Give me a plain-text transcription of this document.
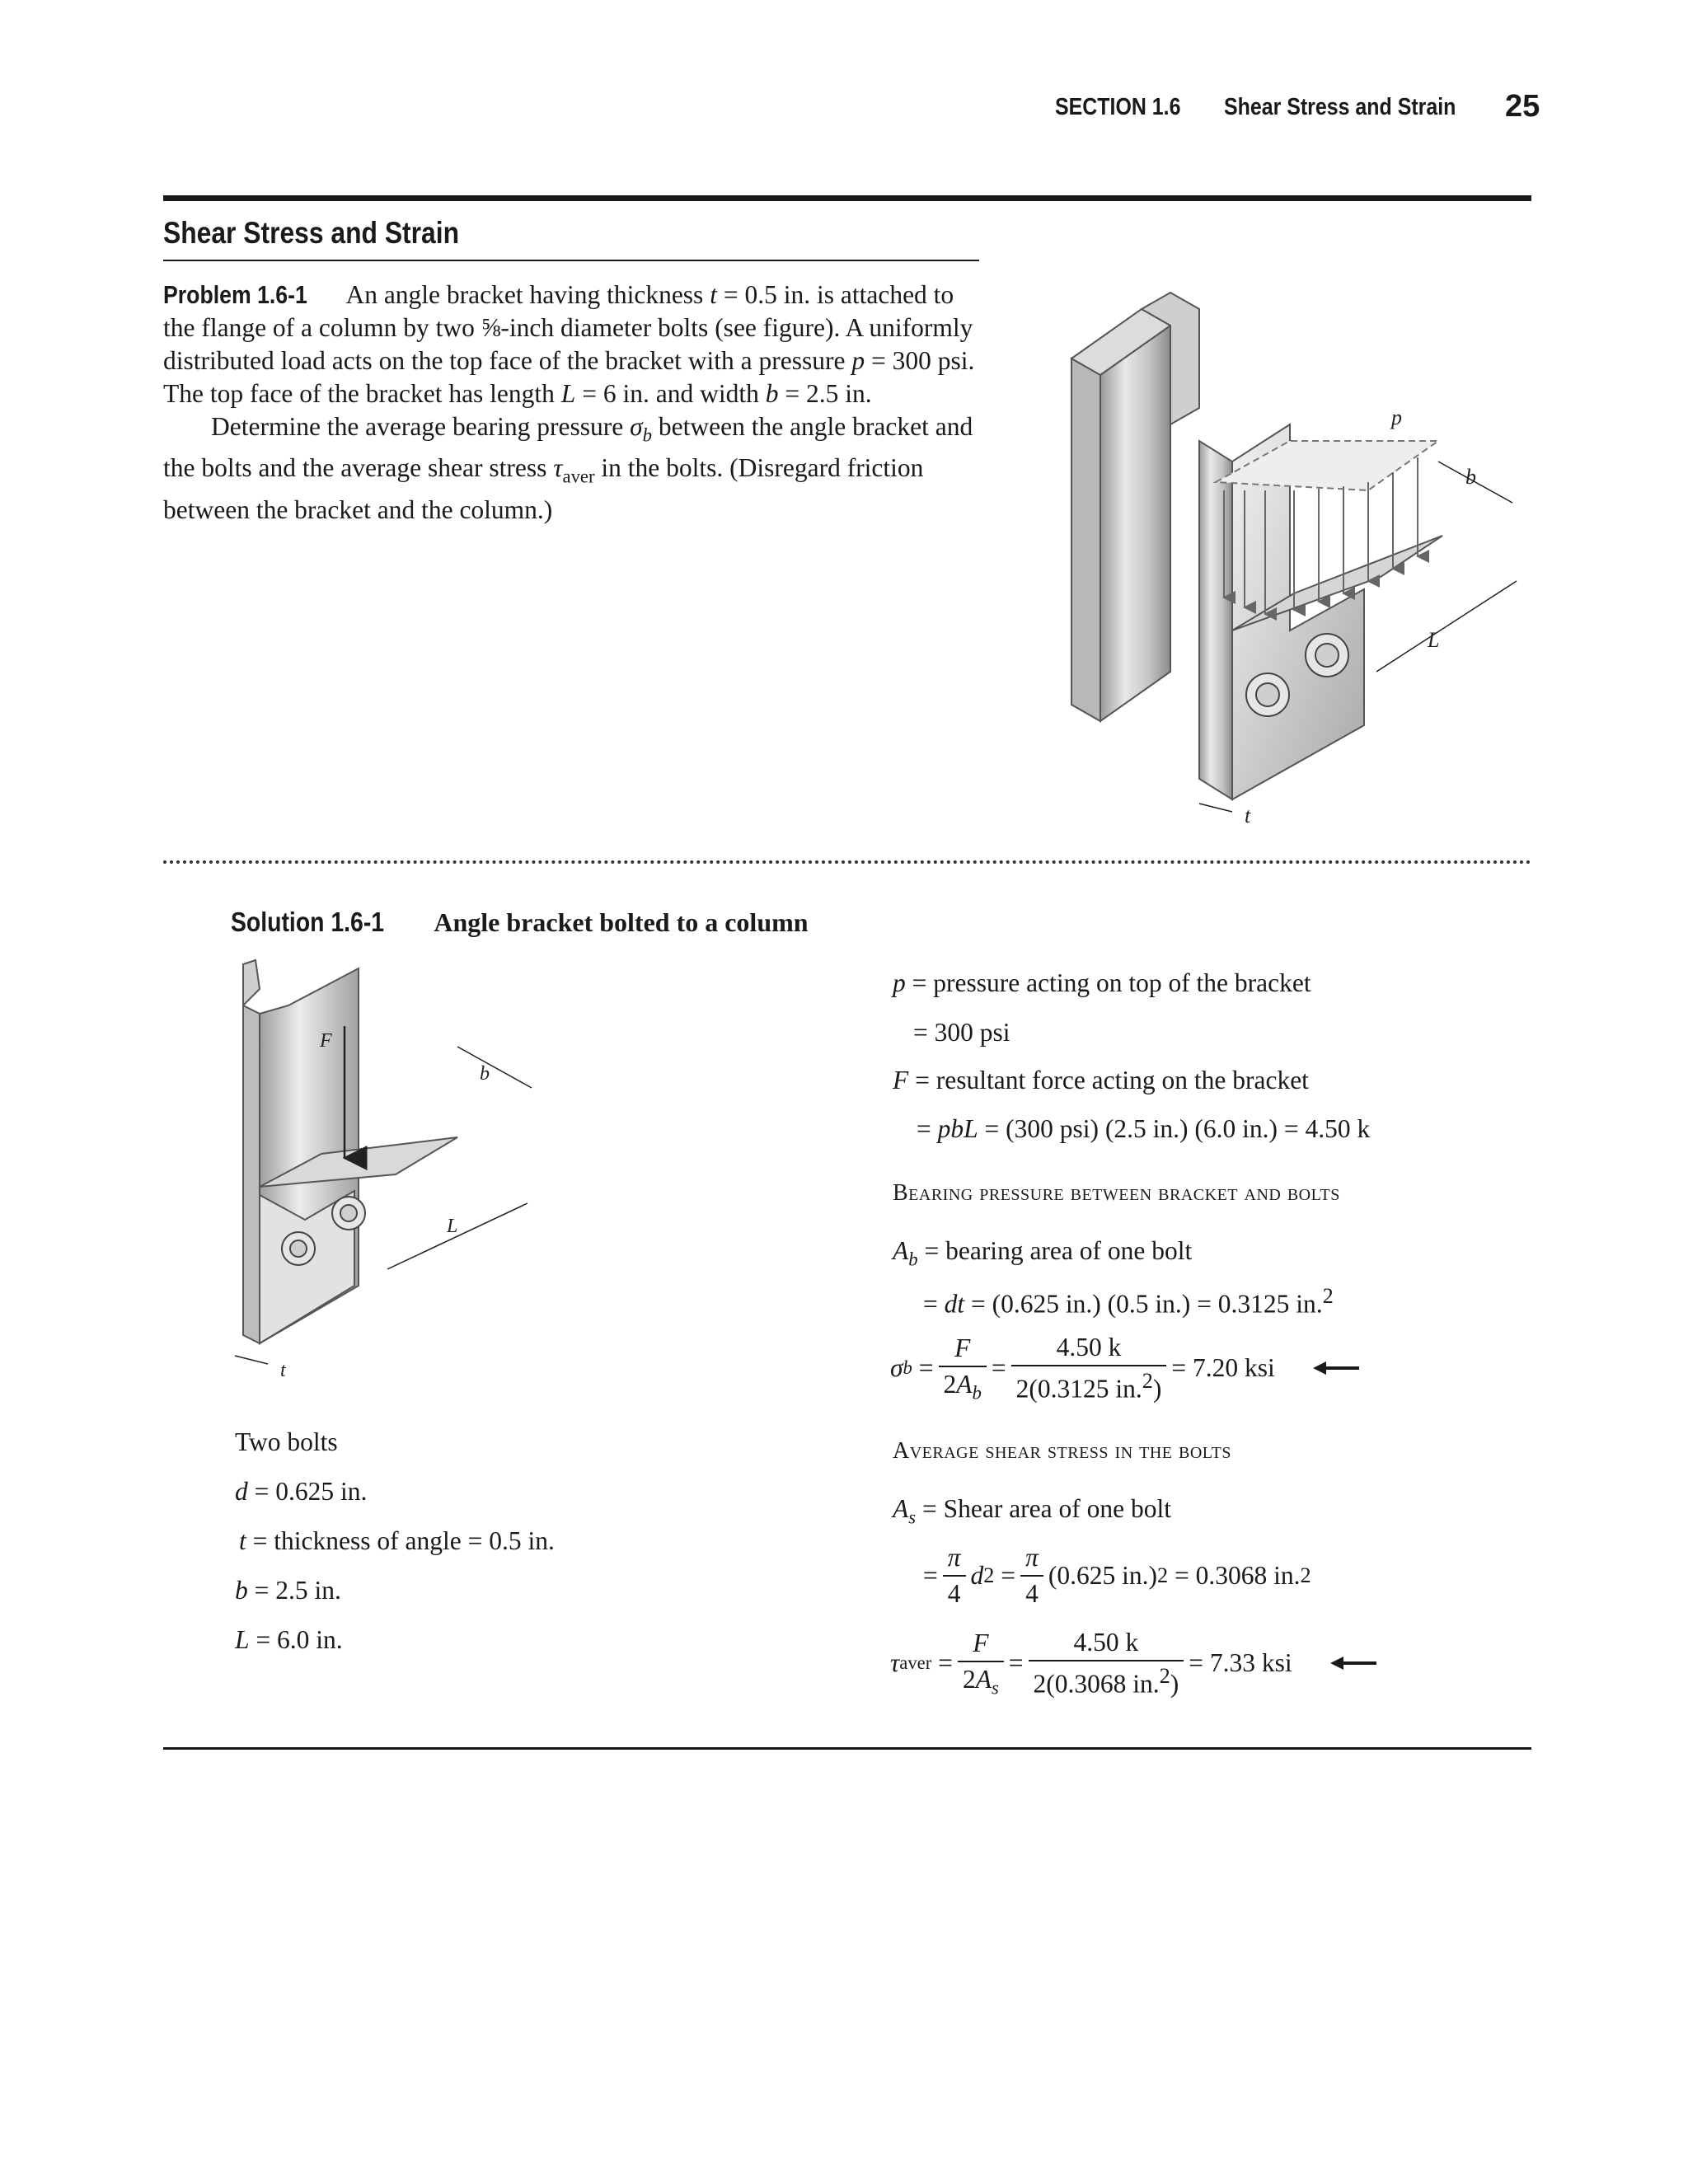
SECTION 1.6 Shear Stress and Strain	25
Shear Stress and Strain

Problem 1.6-1 An angle bracket having thickness t = 0.5 in. is attached to the flange of a column by two ⅝-inch diameter bolts (see figure). A uniformly distributed load acts on the top face of the bracket with a pressure p = 300 psi. The top face of the bracket has length L = 6 in. and width b = 2.5 in.

Determine the average bearing pressure $\sigma_b$ between the angle bracket and the bolts and the average shear stress $\tau_{aver}$ in the bolts. (Disregard friction between the bracket and the column.)

p
b
L
t
Solution 1.6-1 Angle bracket bolted to a column
F
b
L
t
Two bolts
d = 0.625 in.
t = thickness of angle = 0.5 in.
b = 2.5 in.
L = 6.0 in.
p = pressure acting on top of the bracket
= 300 psi
F = resultant force acting on the bracket
= pbL = (300 psi) (2.5 in.) (6.0 in.) = 4.50 k
Bearing pressure between bracket and bolts
$A_b$ = bearing area of one bolt
= dt = (0.625 in.) (0.5 in.) = 0.3125 in.$^2$
σ b
= $\frac{F}{2A_b} = \frac{4.50 k}{2(0.3125 in.^2)} = 7.20$ ksi
Average shear stress in the bolts
$A_s$ = Shear area of one bolt
= $\frac{\pi}{4}$ d 2
= $\frac{\pi}{4} (0.625$ in.) 2
= 0.3068 in. 2
τ aver
= $\frac{F}{2A_s} = \frac{4.50 k}{2(0.3068 in.^2)} = 7.33$ ksi
